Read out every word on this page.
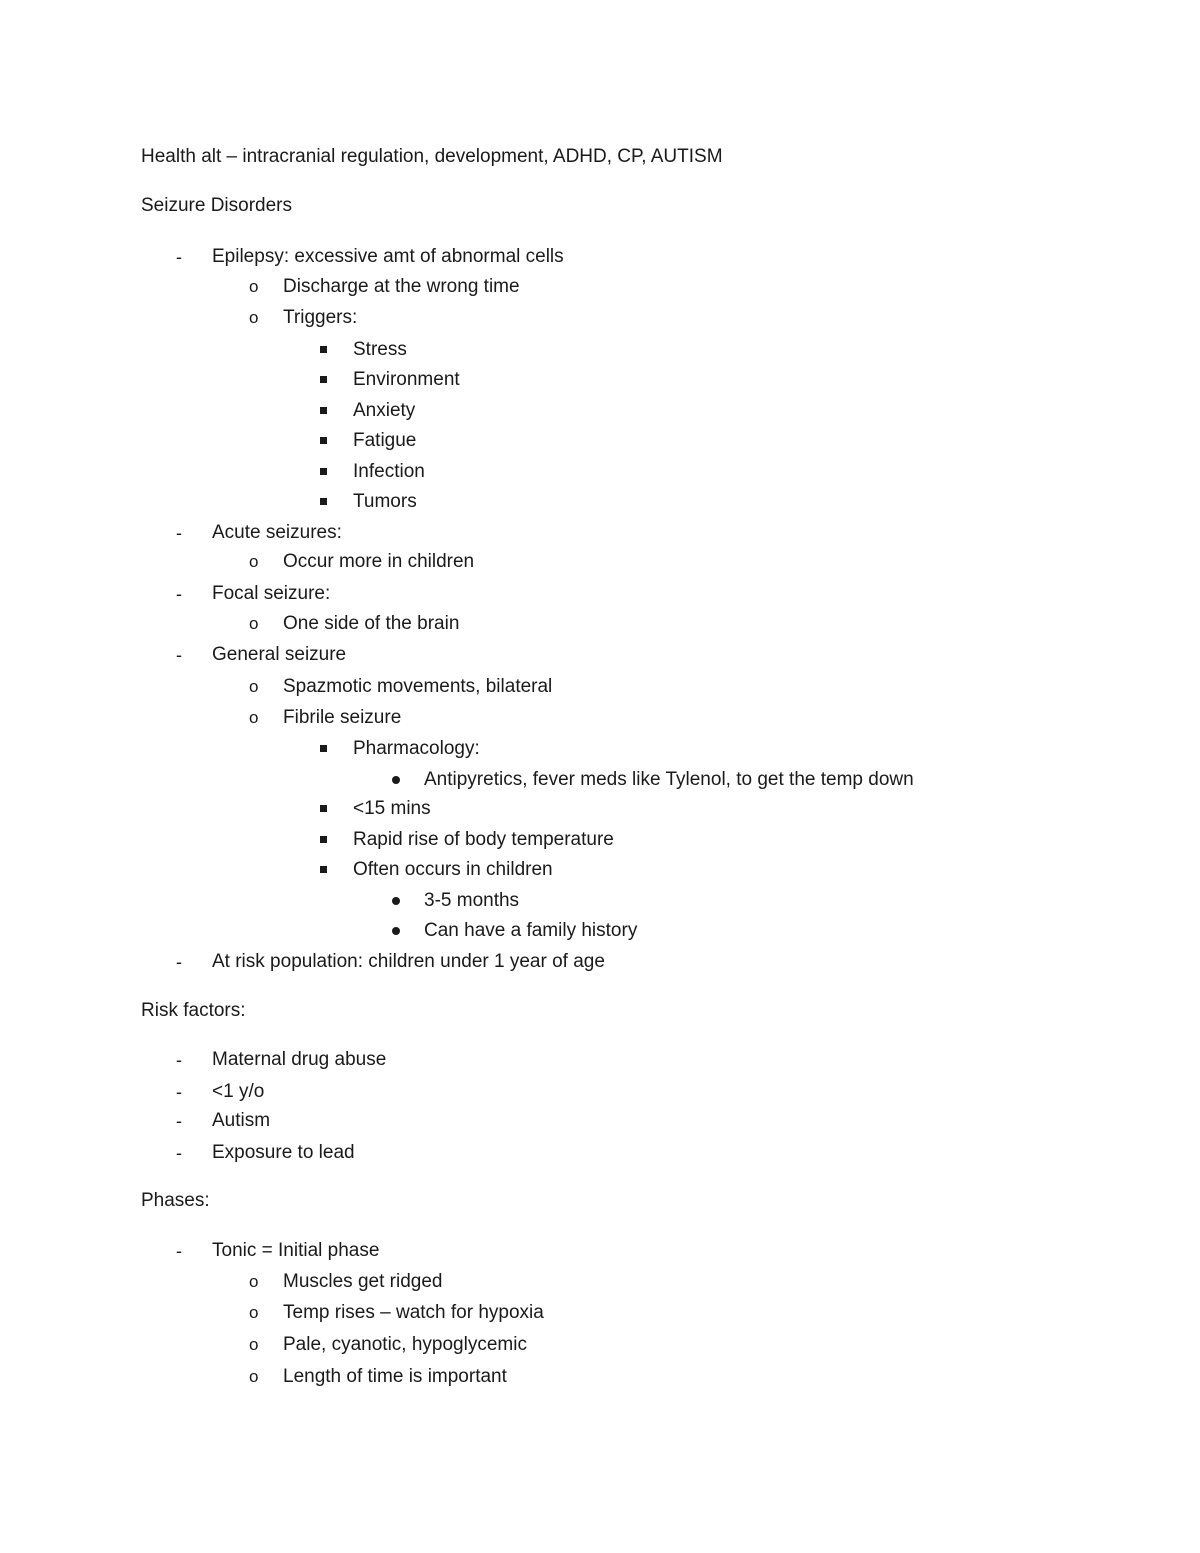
Health alt – intracranial regulation, development, ADHD, CP, AUTISM
Seizure Disorders
- Epilepsy: excessive amt of abnormal cells
o Discharge at the wrong time
o Triggers:
Stress
Environment
Anxiety
Fatigue
Infection
Tumors
- Acute seizures:
o Occur more in children
- Focal seizure:
o One side of the brain
- General seizure
o Spazmotic movements, bilateral
o Fibrile seizure
Pharmacology:
Antipyretics, fever meds like Tylenol, to get the temp down
<15 mins
Rapid rise of body temperature
Often occurs in children
3-5 months
Can have a family history
- At risk population: children under 1 year of age
Risk factors:
- Maternal drug abuse
- <1 y/o
- Autism
- Exposure to lead
Phases:
- Tonic = Initial phase
o Muscles get ridged
o Temp rises – watch for hypoxia
o Pale, cyanotic, hypoglycemic
o Length of time is important
